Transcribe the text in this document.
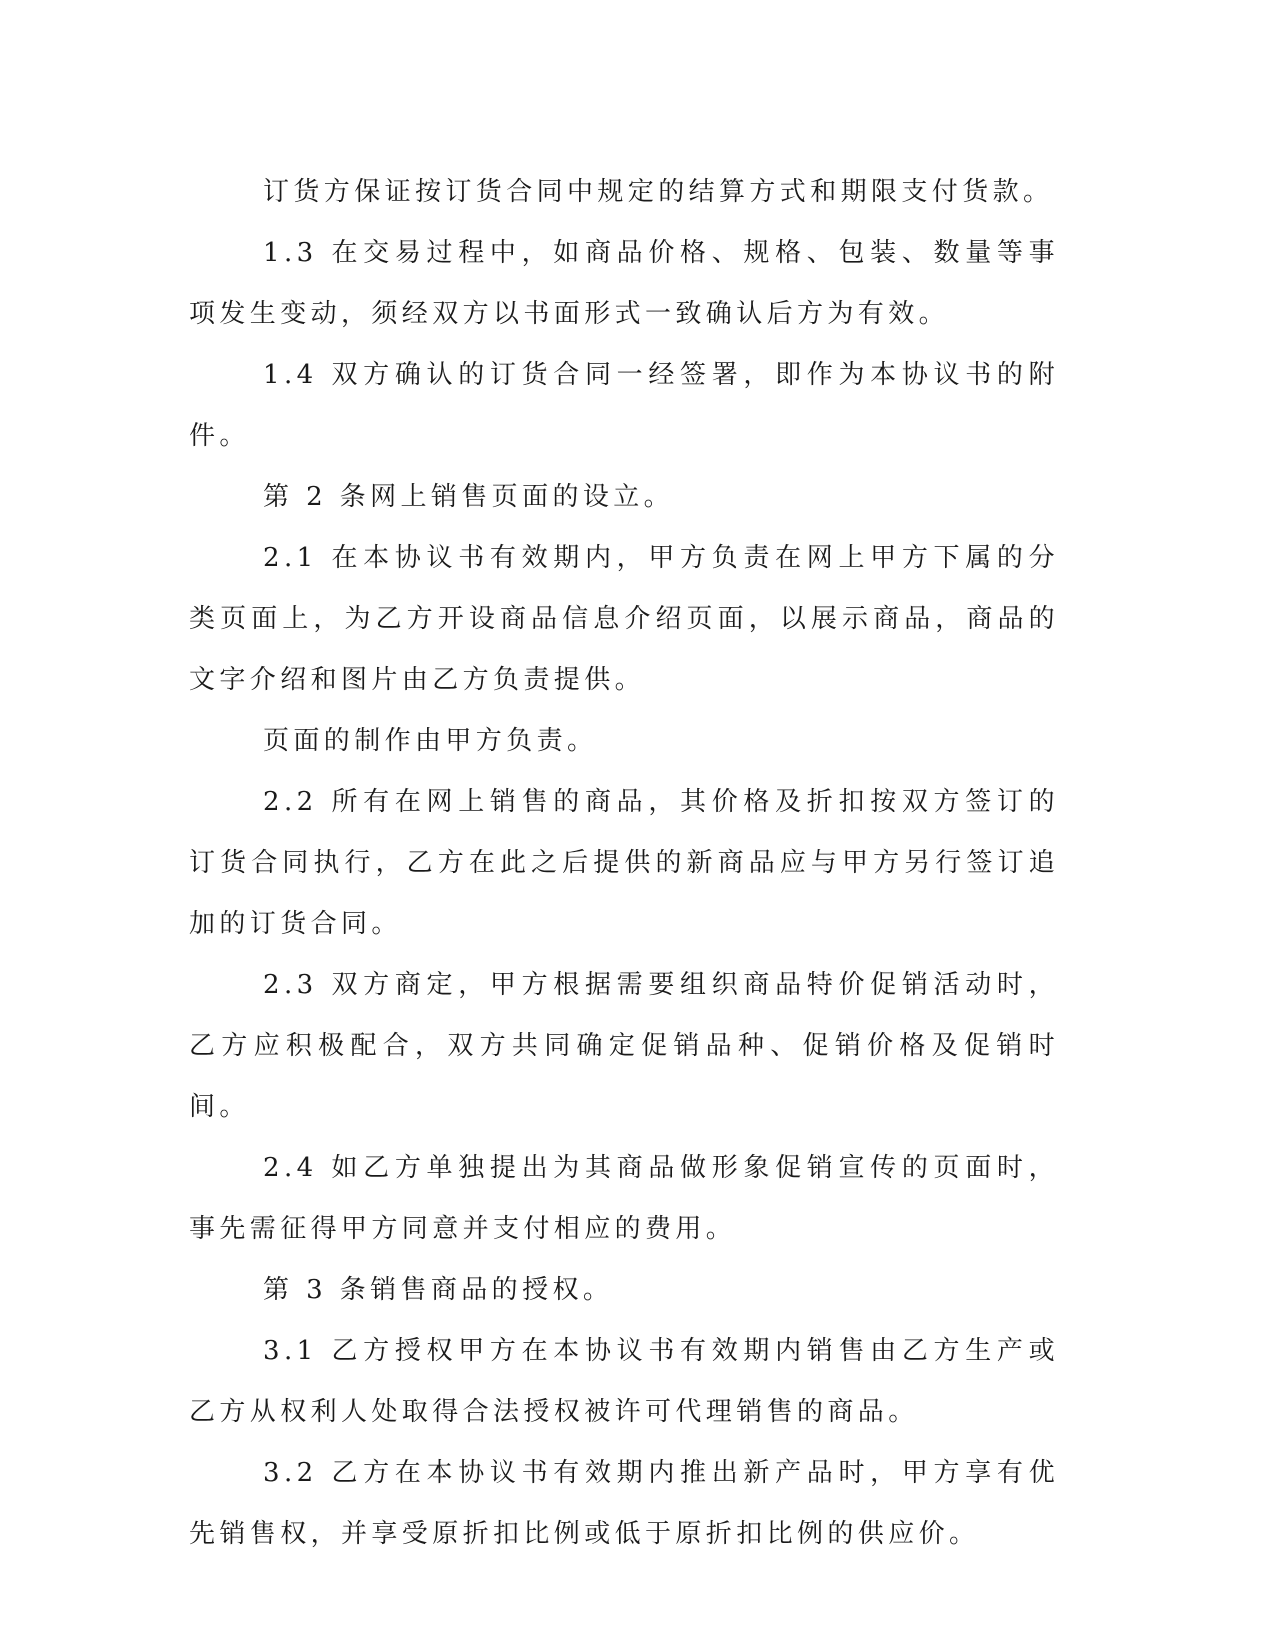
订货方保证按订货合同中规定的结算方式和期限支付货款。

1.3 在交易过程中，如商品价格、规格、包装、数量等事项发生变动，须经双方以书面形式一致确认后方为有效。

1.4 双方确认的订货合同一经签署，即作为本协议书的附件。

第 2 条网上销售页面的设立。

2.1 在本协议书有效期内，甲方负责在网上甲方下属的分类页面上，为乙方开设商品信息介绍页面，以展示商品，商品的文字介绍和图片由乙方负责提供。

页面的制作由甲方负责。

2.2 所有在网上销售的商品，其价格及折扣按双方签订的订货合同执行，乙方在此之后提供的新商品应与甲方另行签订追加的订货合同。

2.3 双方商定，甲方根据需要组织商品特价促销活动时，乙方应积极配合，双方共同确定促销品种、促销价格及促销时间。

2.4 如乙方单独提出为其商品做形象促销宣传的页面时，事先需征得甲方同意并支付相应的费用。

第 3 条销售商品的授权。

3.1 乙方授权甲方在本协议书有效期内销售由乙方生产或乙方从权利人处取得合法授权被许可代理销售的商品。

3.2 乙方在本协议书有效期内推出新产品时，甲方享有优先销售权，并享受原折扣比例或低于原折扣比例的供应价。
